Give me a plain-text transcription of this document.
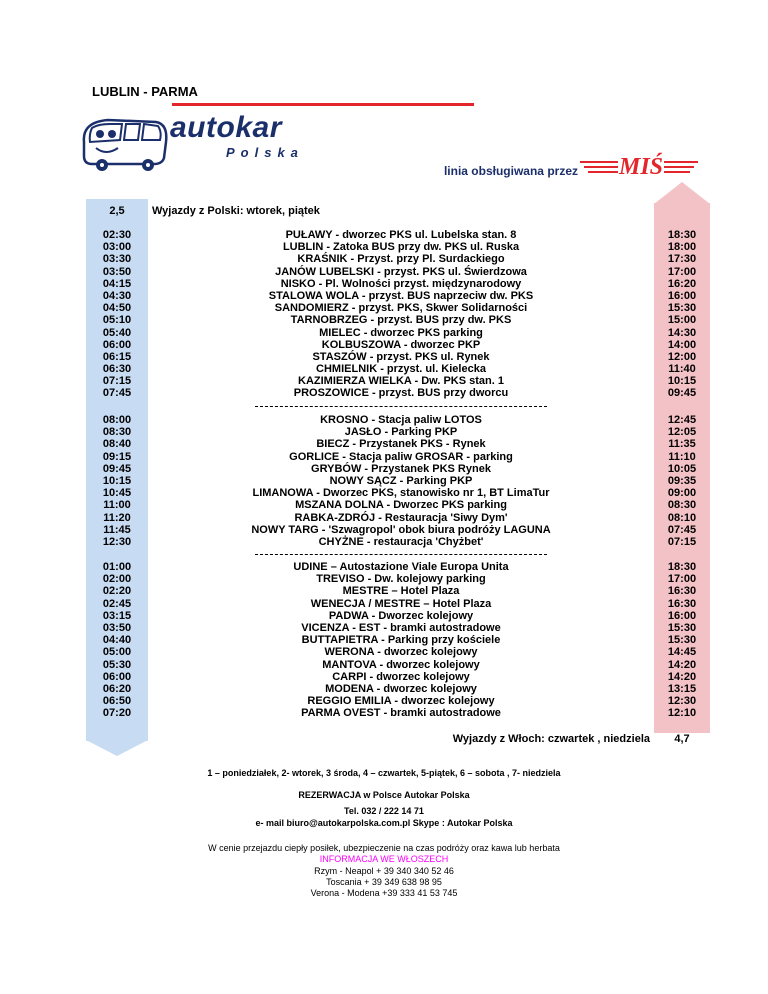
LUBLIN - PARMA
autokar
Polska
linia obsługiwana przez MIŚ
2,5	Wyjazdy z Polski: wtorek, piątek
02:30
03:00
03:30
03:50
04:15
04:30
04:50
05:10
05:40
06:00
06:15
06:30
07:15
07:45
PUŁAWY - dworzec PKS ul. Lubelska stan. 8
LUBLIN - Zatoka BUS przy dw. PKS ul. Ruska
KRAŚNIK - Przyst. przy Pl. Surdackiego
JANÓW LUBELSKI - przyst. PKS ul. Świerdzowa
NISKO - Pl. Wolności przyst. międzynarodowy
STALOWA WOLA - przyst. BUS naprzeciw dw. PKS
SANDOMIERZ - przyst. PKS, Skwer Solidarności
TARNOBRZEG - przyst. BUS przy dw. PKS
MIELEC - dworzec PKS parking
KOLBUSZOWA - dworzec PKP
STASZÓW - przyst. PKS ul. Rynek
CHMIELNIK - przyst. ul. Kielecka
KAZIMIERZA WIELKA - Dw. PKS stan. 1
PROSZOWICE - przyst. BUS przy dworcu
18:30
18:00
17:30
17:00
16:20
16:00
15:30
15:00
14:30
14:00
12:00
11:40
10:15
09:45
08:00
08:30
08:40
09:15
09:45
10:15
10:45
11:00
11:20
11:45
12:30
KROSNO - Stacja paliw LOTOS
JASŁO - Parking PKP
BIECZ - Przystanek PKS - Rynek
GORLICE - Stacja paliw GROSAR - parking
GRYBÓW - Przystanek PKS Rynek
NOWY SĄCZ - Parking PKP
LIMANOWA - Dworzec PKS, stanowisko nr 1, BT LimaTur
MSZANA DOLNA - Dworzec PKS parking
RABKA-ZDRÓJ - Restauracja 'Siwy Dym'
NOWY TARG - 'Szwagropol' obok biura podróży LAGUNA
CHYŻNE - restauracja 'Chyżbet'
12:45
12:05
11:35
11:10
10:05
09:35
09:00
08:30
08:10
07:45
07:15
01:00
02:00
02:20
02:45
03:15
03:50
04:40
05:00
05:30
06:00
06:20
06:50
07:20
UDINE – Autostazione Viale Europa Unita
TREVISO - Dw. kolejowy parking
MESTRE – Hotel Plaza
WENECJA / MESTRE – Hotel Plaza
PADWA - Dworzec kolejowy
VICENZA - EST - bramki autostradowe
BUTTAPIETRA - Parking przy kościele
WERONA - dworzec kolejowy
MANTOVA - dworzec kolejowy
CARPI - dworzec kolejowy
MODENA - dworzec kolejowy
REGGIO EMILIA - dworzec kolejowy
PARMA OVEST - bramki autostradowe
18:30
17:00
16:30
16:30
16:00
15:30
15:30
14:45
14:20
14:20
13:15
12:30
12:10
Wyjazdy z Włoch: czwartek , niedziela	4,7
1 – poniedziałek, 2- wtorek, 3 środa, 4 – czwartek, 5-piątek, 6 – sobota , 7- niedziela
REZERWACJA w Polsce Autokar Polska
Tel. 032 / 222 14 71
e- mail biuro@autokarpolska.com.pl Skype : Autokar Polska
W cenie przejazdu ciepły posiłek, ubezpieczenie na czas podróży oraz kawa lub herbata
INFORMACJA WE WŁOSZECH
Rzym - Neapol + 39 340 340 52 46
Toscania + 39 349 638 98 95
Verona - Modena +39 333 41 53 745
